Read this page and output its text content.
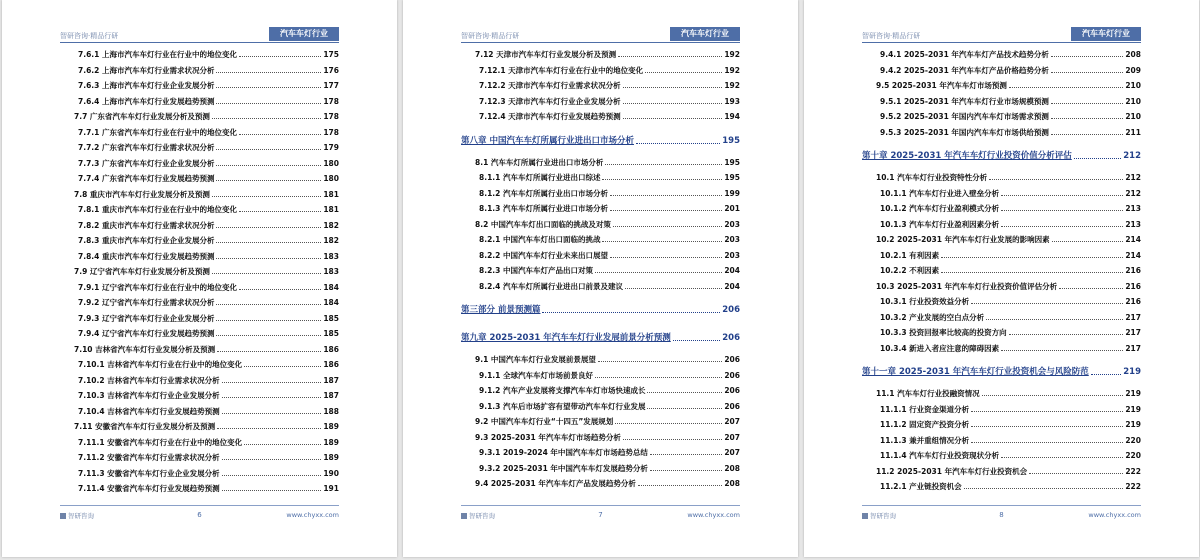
智研咨询·精品行研	汽车车灯行业
7.6.1 上海市汽车车灯行业在行业中的地位变化	175
7.6.2 上海市汽车车灯行业需求状况分析	176
7.6.3 上海市汽车车灯行业企业发展分析	177
7.6.4 上海市汽车车灯行业发展趋势预测	178
7.7 广东省汽车车灯行业发展分析及预测	178
7.7.1 广东省汽车车灯行业在行业中的地位变化	178
7.7.2 广东省汽车车灯行业需求状况分析	179
7.7.3 广东省汽车车灯行业企业发展分析	180
7.7.4 广东省汽车车灯行业发展趋势预测	180
7.8 重庆市汽车车灯行业发展分析及预测	181
7.8.1 重庆市汽车车灯行业在行业中的地位变化	181
7.8.2 重庆市汽车车灯行业需求状况分析	182
7.8.3 重庆市汽车车灯行业企业发展分析	182
7.8.4 重庆市汽车车灯行业发展趋势预测	183
7.9 辽宁省汽车车灯行业发展分析及预测	183
7.9.1 辽宁省汽车车灯行业在行业中的地位变化	184
7.9.2 辽宁省汽车车灯行业需求状况分析	184
7.9.3 辽宁省汽车车灯行业企业发展分析	185
7.9.4 辽宁省汽车车灯行业发展趋势预测	185
7.10 吉林省汽车车灯行业发展分析及预测	186
7.10.1 吉林省汽车车灯行业在行业中的地位变化	186
7.10.2 吉林省汽车车灯行业需求状况分析	187
7.10.3 吉林省汽车车灯行业企业发展分析	187
7.10.4 吉林省汽车车灯行业发展趋势预测	188
7.11 安徽省汽车车灯行业发展分析及预测	189
7.11.1 安徽省汽车车灯行业在行业中的地位变化	189
7.11.2 安徽省汽车车灯行业需求状况分析	189
7.11.3 安徽省汽车车灯行业企业发展分析	190
7.11.4 安徽省汽车车灯行业发展趋势预测	191
智研咨询	6	www.chyxx.com
智研咨询·精品行研	汽车车灯行业
7.12 天津市汽车车灯行业发展分析及预测	192
7.12.1 天津市汽车车灯行业在行业中的地位变化	192
7.12.2 天津市汽车车灯行业需求状况分析	192
7.12.3 天津市汽车车灯行业企业发展分析	193
7.12.4 天津市汽车车灯行业发展趋势预测	194
第八章 中国汽车车灯所属行业进出口市场分析	195
8.1 汽车车灯所属行业进出口市场分析	195
8.1.1 汽车车灯所属行业进出口综述	195
8.1.2 汽车车灯所属行业出口市场分析	199
8.1.3 汽车车灯所属行业进口市场分析	201
8.2 中国汽车车灯出口面临的挑战及对策	203
8.2.1 中国汽车车灯出口面临的挑战	203
8.2.2 中国汽车车灯行业未来出口展望	203
8.2.3 中国汽车车灯产品出口对策	204
8.2.4 汽车车灯所属行业进出口前景及建议	204
第三部分 前景预测篇	206
第九章 2025-2031 年汽车车灯行业发展前景分析预测	206
9.1 中国汽车车灯行业发展前景展望	206
9.1.1 全球汽车车灯市场前景良好	206
9.1.2 汽车产业发展将支撑汽车车灯市场快速成长	206
9.1.3 汽车后市场扩容有望带动汽车车灯行业发展	206
9.2 中国汽车车灯行业“十四五”发展规划	207
9.3 2025-2031 年汽车车灯市场趋势分析	207
9.3.1 2019-2024 年中国汽车车灯市场趋势总结	207
9.3.2 2025-2031 年中国汽车车灯发展趋势分析	208
9.4 2025-2031 年汽车车灯产品发展趋势分析	208
智研咨询	7	www.chyxx.com
智研咨询·精品行研	汽车车灯行业
9.4.1 2025-2031 年汽车车灯产品技术趋势分析	208
9.4.2 2025-2031 年汽车车灯产品价格趋势分析	209
9.5 2025-2031 年汽车车灯市场预测	210
9.5.1 2025-2031 年汽车车灯行业市场规模预测	210
9.5.2 2025-2031 年国内汽车车灯市场需求预测	210
9.5.3 2025-2031 年国内汽车车灯市场供给预测	211
第十章 2025-2031 年汽车车灯行业投资价值分析评估	212
10.1 汽车车灯行业投资特性分析	212
10.1.1 汽车车灯行业进入壁垒分析	212
10.1.2 汽车车灯行业盈利模式分析	213
10.1.3 汽车车灯行业盈利因素分析	213
10.2 2025-2031 年汽车车灯行业发展的影响因素	214
10.2.1 有利因素	214
10.2.2 不利因素	216
10.3 2025-2031 年汽车车灯行业投资价值评估分析	216
10.3.1 行业投资效益分析	216
10.3.2 产业发展的空白点分析	217
10.3.3 投资回报率比较高的投资方向	217
10.3.4 新进入者应注意的障碍因素	217
第十一章 2025-2031 年汽车车灯行业投资机会与风险防范	219
11.1 汽车车灯行业投融资情况	219
11.1.1 行业资金渠道分析	219
11.1.2 固定资产投资分析	219
11.1.3 兼并重组情况分析	220
11.1.4 汽车车灯行业投资现状分析	220
11.2 2025-2031 年汽车车灯行业投资机会	222
11.2.1 产业链投资机会	222
智研咨询	8	www.chyxx.com
